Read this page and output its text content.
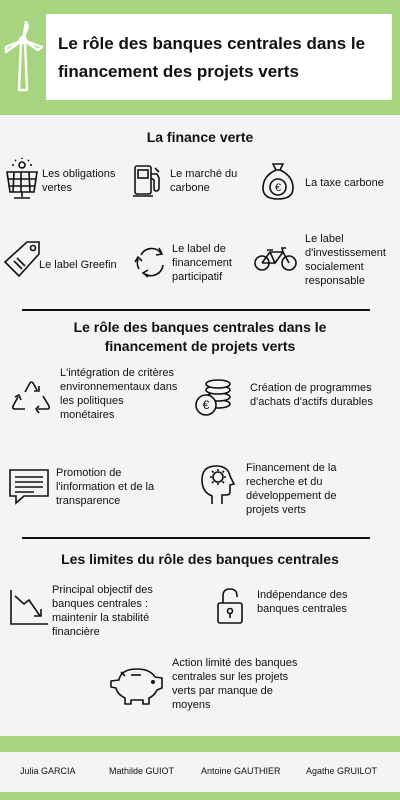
Le rôle des banques centrales dans le financement des projets verts
La finance verte
Les obligations vertes
Le marché du carbone	€ La taxe carbone
Le label Greefin
Le label de financement participatif
Le label d'investissement socialement responsable
Le rôle des banques centrales dans le financement de projets verts
L'intégration de critères environnementaux dans les politiques monétaires
€
Création de programmes d'achats d'actifs durables
Promotion de l'information et de la transparence
Financement de la recherche et du développement de projets verts
Les limites du rôle des banques centrales
Principal objectif des banques centrales : maintenir la stabilité financière
Indépendance des banques centrales
Action limité des banques centrales sur les projets verts par manque de moyens
Julia GARCIA	Mathilde GUIOT	Antoine GAUTHIER	Agathe GRUILOT
